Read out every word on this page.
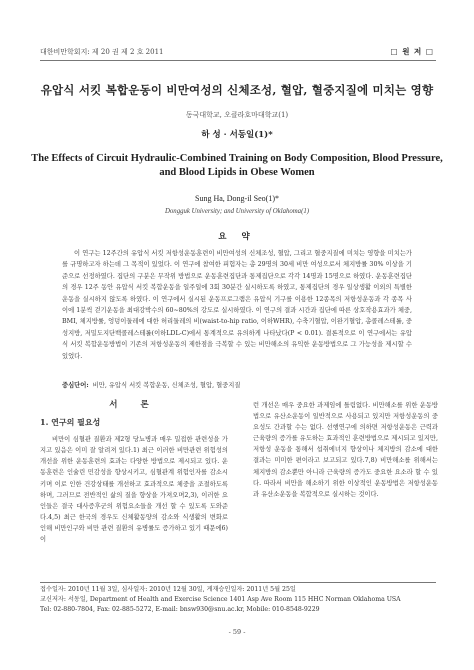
대한비만학회지: 제 20 권 제 2 호 2011	□ 원 저 □
유압식 서킷 복합운동이 비만여성의 신체조성, 혈압, 혈중지질에 미치는 영향
동국대학교, 오클라호마대학교(1)
하 성 · 서동일(1)*
The Effects of Circuit Hydraulic-Combined Training on Body Composition, Blood Pressure, and Blood Lipids in Obese Women
Sung Ha, Dong-il Seo(1)*
Dongguk University; and University of Oklahoma(1)
요 약

이 연구는 12주간의 유압식 서킷 저항성운동훈련이 비만여성의 신체조성, 혈압, 그리고 혈중지질에 미치는 영향을 미치는가를 규명하고자 하는데 그 목적이 있었다. 이 연구에 참여한 피험자는 총 29명의 30세 비만 여성으로서 체지방률 30% 이상을 기준으로 선정하였다. 집단의 구분은 무작위 방법으로 운동훈련집단과 통제집단으로 각각 14명과 15명으로 하였다. 운동훈련집단의 경우 12주 동안 유압식 서킷 복합운동을 일주일에 3회 30분간 실시하도록 하였고, 통제집단의 경우 일상생활 이외의 특별한 운동을 실시하지 않도록 하였다. 이 연구에서 실시된 운동프로그램은 유압식 기구를 이용한 12종목의 저항성운동과 각 종목 사이에 1분씩 걷기운동을 최대강박수의 60~80%의 강도로 실시하였다. 이 연구의 결과 시간과 집단에 따른 상호작용효과가 체중, BMI, 체지방률, 엉덩이둘레에 대한 허리둘레의 비(waist-to-hip ratio, 이하WHR), 수축기혈압, 이완기혈압, 총콜레스테롤, 중성지방, 저밀도지단백콜레스테롤(이하LDL-C)에서 통계적으로 유의하게 나타났다(P < 0.01). 결론적으로 이 연구에서는 유압식 서킷 복합운동방법이 기존의 저항성운동의 제한점을 극복할 수 있는 비만해소의 유익한 운동방법으로 그 가능성을 제시할 수 있었다.

중심단어: 비만, 유압식 서킷 복합운동, 신체조성, 혈압, 혈중지질
서 론
1. 연구의 필요성

비만이 심혈관 질환과 제2형 당뇨병과 매우 밀접한 관련성을 가지고 있음은 이미 잘 알려져 있다.1) 최근 이러한 비만관련 위험성의 개선을 위한 운동훈련의 효과는 다양한 방법으로 제시되고 있다. 운동훈련은 인슐린 민감성을 향상시키고, 심혈관계 위험인자를 감소시키며 이로 인한 건강상태를 개선하고 효과적으로 체중을 조절하도록 하며, 그러므로 전반적인 삶의 질을 향상을 가져오며2,3), 이러한 요인들은 결국 대사증후군의 위험요소들을 개선 할 수 있도록 도와준다.4,5) 최근 한국의 경우도 신체활동양의 감소와 식생활의 변화로 인해 비만인구와 비만 관련 질환의 유병률도 증가하고 있기 때문에6) 이

런 개선은 매우 중요한 과제임에 틀림없다. 비만해소를 위한 운동방법으로 유산소운동이 일반적으로 사용되고 있지만 저항성운동의 중요성도 간과할 수는 없다. 선행연구에 의하면 저항성운동은 근력과 근육량의 증가를 유도하는 효과적인 훈련방법으로 제시되고 있지만, 저항성 운동을 통해서 섭취에너지 향상이나 체지방의 감소에 대한 결과는 미미한 편이라고 보고되고 있다.7,8) 비만해소를 위해서는 체지방의 감소뿐만 아니라 근육량의 증가도 중요한 요소라 할 수 있다. 따라서 비만을 해소하기 위한 이상적인 운동방법은 저항성운동과 유산소운동을 복합적으로 실시하는 것이다.

접수일자: 2010년 11월 3일, 심사일자: 2010년 12월 30일, 게재승인일자: 2011년 5월 25일
교신저자: 서동일, Department of Health and Exercise Science 1401 Asp Ave Room 115 HHC Norman Oklahoma USA
Tel: 02-880-7804, Fax: 02-885-5272, E-mail: bnsw930@snu.ac.kr, Mobile: 010-8548-9229
- 59 -
